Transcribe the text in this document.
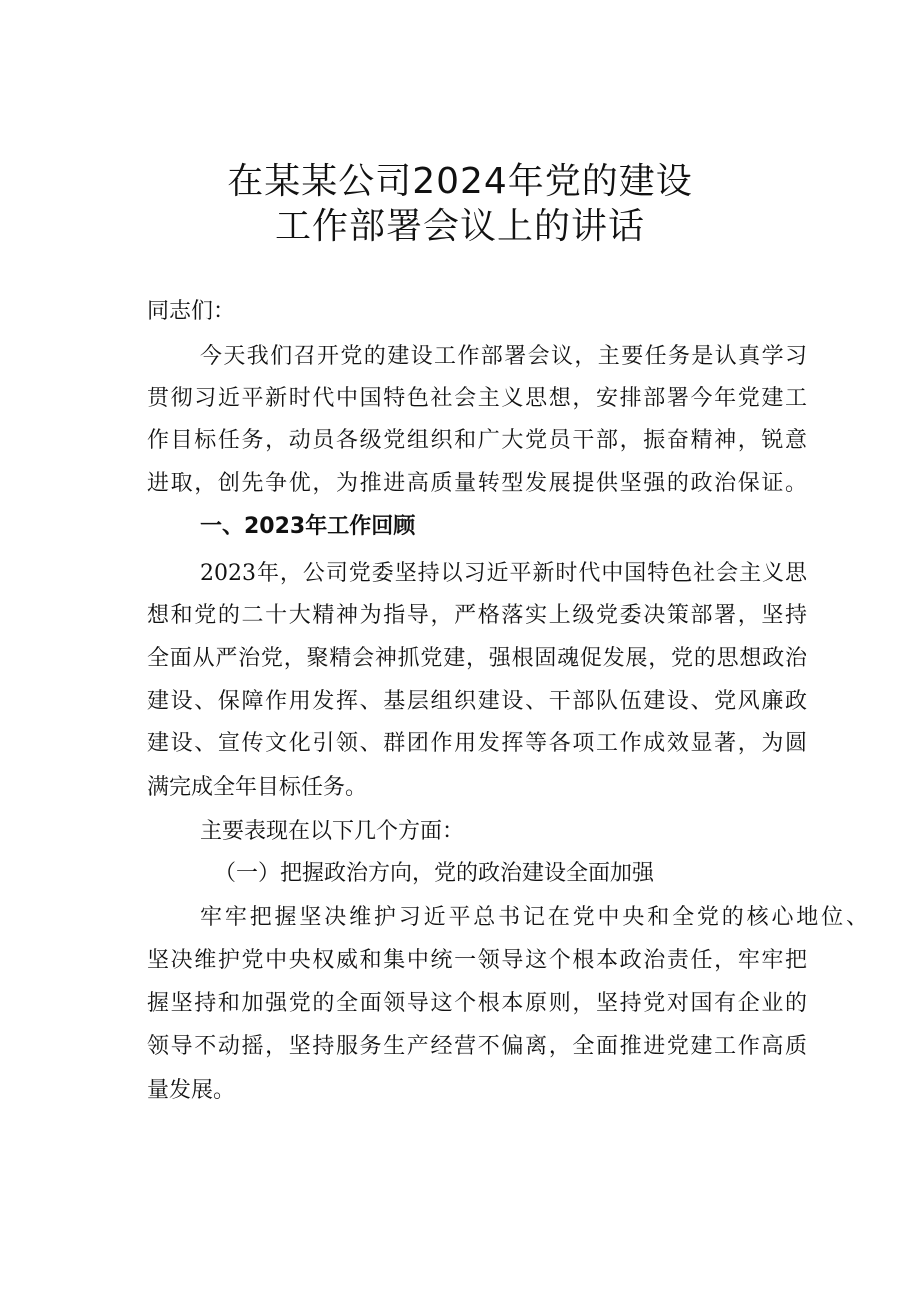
在某某公司2024年党的建设
工作部署会议上的讲话
同志们：
今天我们召开党的建设工作部署会议，主要任务是认真学习
贯彻习近平新时代中国特色社会主义思想，安排部署今年党建工
作目标任务，动员各级党组织和广大党员干部，振奋精神，锐意
进取，创先争优，为推进高质量转型发展提供坚强的政治保证。
一、2023年工作回顾
2023年，公司党委坚持以习近平新时代中国特色社会主义思
想和党的二十大精神为指导，严格落实上级党委决策部署，坚持
全面从严治党，聚精会神抓党建，强根固魂促发展，党的思想政治
建设、保障作用发挥、基层组织建设、干部队伍建设、党风廉政
建设、宣传文化引领、群团作用发挥等各项工作成效显著，为圆
满完成全年目标任务。
主要表现在以下几个方面：
（一）把握政治方向，党的政治建设全面加强
牢牢把握坚决维护习近平总书记在党中央和全党的核心地位、
坚决维护党中央权威和集中统一领导这个根本政治责任，牢牢把
握坚持和加强党的全面领导这个根本原则，坚持党对国有企业的
领导不动摇，坚持服务生产经营不偏离，全面推进党建工作高质
量发展。
